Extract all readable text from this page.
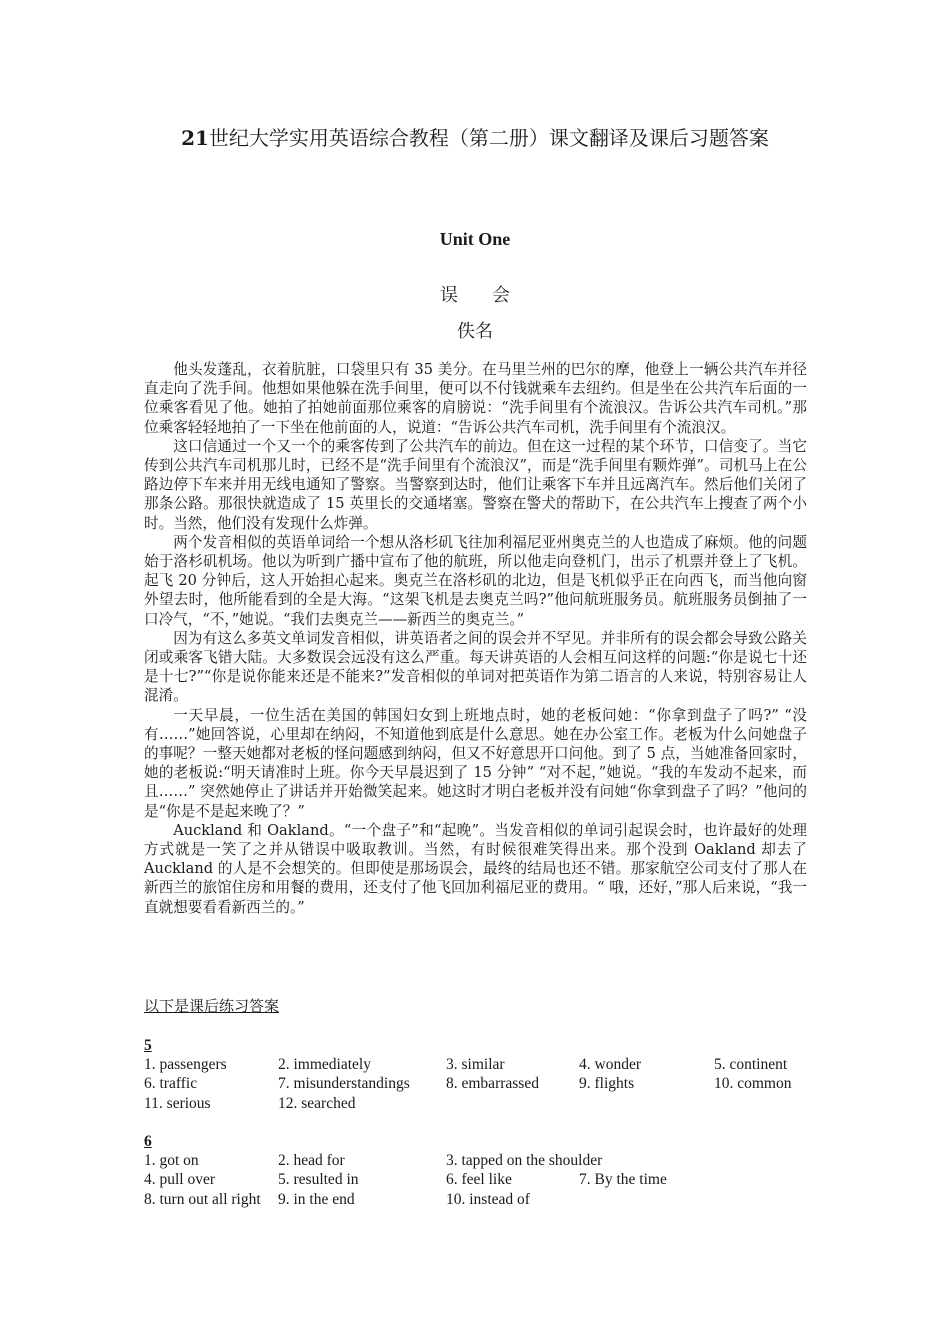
21世纪大学实用英语综合教程（第二册）课文翻译及课后习题答案
Unit One
误会
佚名

他头发蓬乱，衣着肮脏，口袋里只有 35 美分。在马里兰州的巴尔的摩，他登上一辆公共汽车并径直走向了洗手间。他想如果他躲在洗手间里，便可以不付钱就乘车去纽约。但是坐在公共汽车后面的一位乘客看见了他。她拍了拍她前面那位乘客的肩膀说：“洗手间里有个流浪汉。告诉公共汽车司机。”那位乘客轻轻地拍了一下坐在他前面的人，说道：“告诉公共汽车司机，洗手间里有个流浪汉。

这口信通过一个又一个的乘客传到了公共汽车的前边。但在这一过程的某个环节，口信变了。当它传到公共汽车司机那儿时，已经不是“洗手间里有个流浪汉”，而是“洗手间里有颗炸弹”。司机马上在公路边停下车来并用无线电通知了警察。当警察到达时，他们让乘客下车并且远离汽车。然后他们关闭了那条公路。那很快就造成了 15 英里长的交通堵塞。警察在警犬的帮助下，在公共汽车上搜查了两个小时。当然，他们没有发现什么炸弹。

两个发音相似的英语单词给一个想从洛杉矶飞往加利福尼亚州奥克兰的人也造成了麻烦。他的问题始于洛杉矶机场。他以为听到广播中宣布了他的航班，所以他走向登机门，出示了机票并登上了飞机。起飞 20 分钟后，这人开始担心起来。奥克兰在洛杉矶的北边，但是飞机似乎正在向西飞，而当他向窗外望去时，他所能看到的全是大海。“这架飞机是去奥克兰吗?”他问航班服务员。航班服务员倒抽了一口冷气，“不，”她说。“我们去奥克兰——新西兰的奥克兰。”

因为有这么多英文单词发音相似，讲英语者之间的误会并不罕见。并非所有的误会都会导致公路关闭或乘客飞错大陆。大多数误会远没有这么严重。每天讲英语的人会相互问这样的问题:“你是说七十还是十七?”“你是说你能来还是不能来?”发音相似的单词对把英语作为第二语言的人来说，特别容易让人混淆。

一天早晨，一位生活在美国的韩国妇女到上班地点时，她的老板问她：“你拿到盘子了吗?” “没有……”她回答说，心里却在纳闷，不知道他到底是什么意思。她在办公室工作。老板为什么问她盘子的事呢？一整天她都对老板的怪问题感到纳闷，但又不好意思开口问他。到了 5 点，当她准备回家时，她的老板说:“明天请准时上班。你今天早晨迟到了 15 分钟” “对不起，”她说。“我的车发动不起来，而且……” 突然她停止了讲话并开始微笑起来。她这时才明白老板并没有问她“你拿到盘子了吗？”他问的是“你是不是起来晚了？”

Auckland 和 Oakland。“一个盘子”和“起晚”。当发音相似的单词引起误会时，也许最好的处理方式就是一笑了之并从错误中吸取教训。当然，有时候很难笑得出来。那个没到 Oakland 却去了 Auckland 的人是不会想笑的。但即使是那场误会，最终的结局也还不错。那家航空公司支付了那人在新西兰的旅馆住房和用餐的费用，还支付了他飞回加利福尼亚的费用。“ 哦，还好，”那人后来说，“我一直就想要看看新西兰的。”

以下是课后练习答案
5
1. passengers	2. immediately	3. similar	4. wonder	5. continent
6. traffic	7. misunderstandings 8. embarrassed	9. flights	10. common
11. serious	12. searched
6
1. got on	2. head for	3. tapped on the shoulder
4. pull over	5. resulted in	6. feel like	7. By the time
8. turn out all right 9. in the end	10. instead of
